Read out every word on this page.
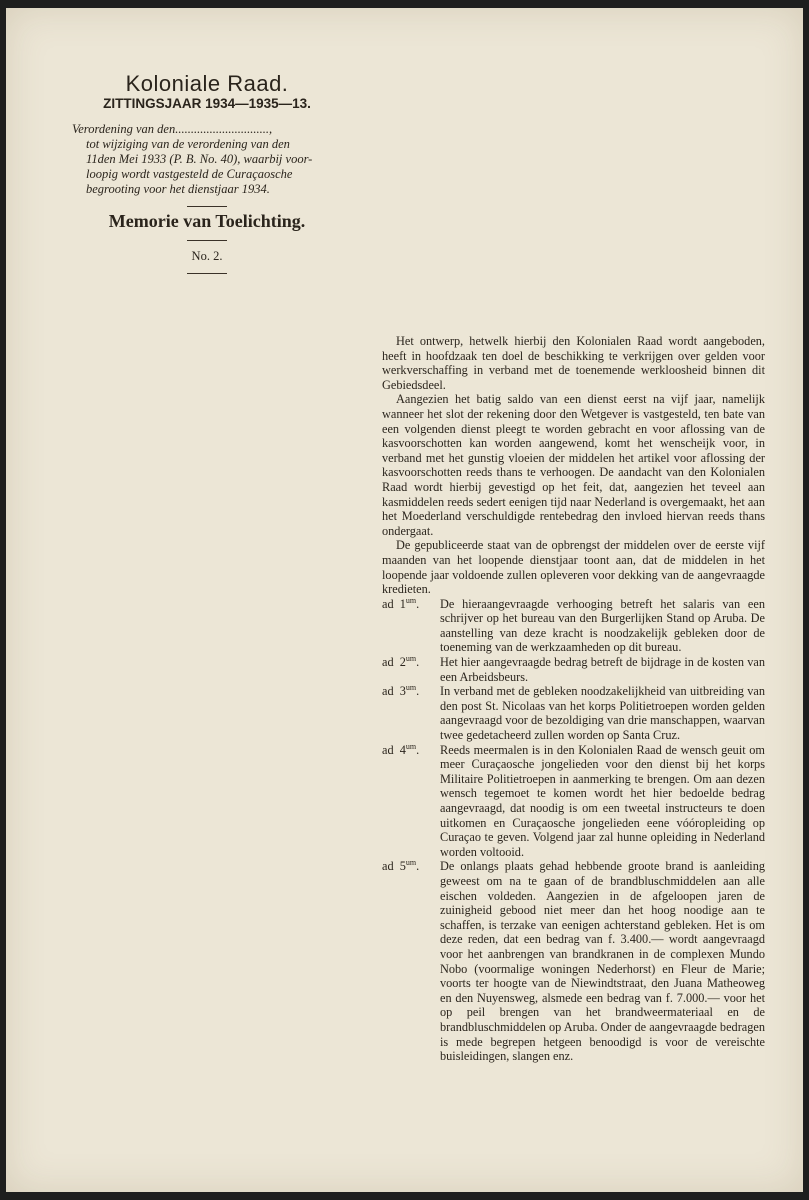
Koloniale Raad.
ZITTINGSJAAR 1934—1935—13.
Verordening van den..............................,
tot wijziging van de verordening van den
11den Mei 1933 (P. B. No. 40), waarbij voor-
loopig wordt vastgesteld de Curaçaosche
begrooting voor het dienstjaar 1934.
Memorie van Toelichting.
No. 2.

Het ontwerp, hetwelk hierbij den Kolonialen Raad wordt aangeboden, heeft in hoofdzaak ten doel de beschikking te verkrijgen over gelden voor werkverschaffing in verband met de toenemende werkloosheid binnen dit Gebiedsdeel.

Aangezien het batig saldo van een dienst eerst na vijf jaar, namelijk wanneer het slot der rekening door den Wetgever is vastgesteld, ten bate van een volgenden dienst pleegt te worden gebracht en voor aflossing van de kasvoorschotten kan worden aangewend, komt het wenscheijk voor, in verband met het gunstig vloeien der middelen het artikel voor aflossing der kasvoorschotten reeds thans te verhoogen. De aandacht van den Kolonialen Raad wordt hierbij gevestigd op het feit, dat, aangezien het teveel aan kasmiddelen reeds sedert eenigen tijd naar Nederland is overgemaakt, het aan het Moederland verschuldigde rentebedrag den invloed hiervan reeds thans ondergaat.

De gepubliceerde staat van de opbrengst der middelen over de eerste vijf maanden van het loopende dienstjaar toont aan, dat de middelen in het loopende jaar voldoende zullen opleveren voor dekking van de aangevraagde kredieten.

ad $1^{um}$.	De hieraangevraagde verhooging betreft het salaris van een schrijver op het bureau van den Burgerlijken Stand op Aruba. De aanstelling van deze kracht is noodzakelijk gebleken door de toeneming van de werkzaamheden op dit bureau.
ad $2^{um}$.	Het hier aangevraagde bedrag betreft de bijdrage in de kosten van een Arbeidsbeurs.
ad $3^{um}$.	In verband met de gebleken noodzakelijkheid van uitbreiding van den post St. Nicolaas van het korps Politietroepen worden gelden aangevraagd voor de bezoldiging van drie manschappen, waarvan twee gedetacheerd zullen worden op Santa Cruz.
ad $4^{um}$.	Reeds meermalen is in den Kolonialen Raad de wensch geuit om meer Curaçaosche jongelieden voor den dienst bij het korps Militaire Politietroepen in aanmerking te brengen. Om aan dezen wensch tegemoet te komen wordt het hier bedoelde bedrag aangevraagd, dat noodig is om een tweetal instructeurs te doen uitkomen en Curaçaosche jongelieden eene vóóropleiding op Curaçao te geven. Volgend jaar zal hunne opleiding in Nederland worden voltooid.
ad $5^{um}$.	De onlangs plaats gehad hebbende groote brand is aanleiding geweest om na te gaan of de brandbluschmiddelen aan alle eischen voldeden. Aangezien in de afgeloopen jaren de zuinigheid gebood niet meer dan het hoog noodige aan te schaffen, is terzake van eenigen achterstand gebleken. Het is om deze reden, dat een bedrag van f. 3.400.— wordt aangevraagd voor het aanbrengen van brandkranen in de complexen Mundo Nobo (voormalige woningen Nederhorst) en Fleur de Marie; voorts ter hoogte van de Niewindtstraat, den Juana Matheoweg en den Nuyensweg, alsmede een bedrag van f. 7.000.— voor het op peil brengen van het brandweermateriaal en de brandbluschmiddelen op Aruba. Onder de aangevraagde bedragen is mede begrepen hetgeen benoodigd is voor de vereischte buisleidingen, slangen enz.
